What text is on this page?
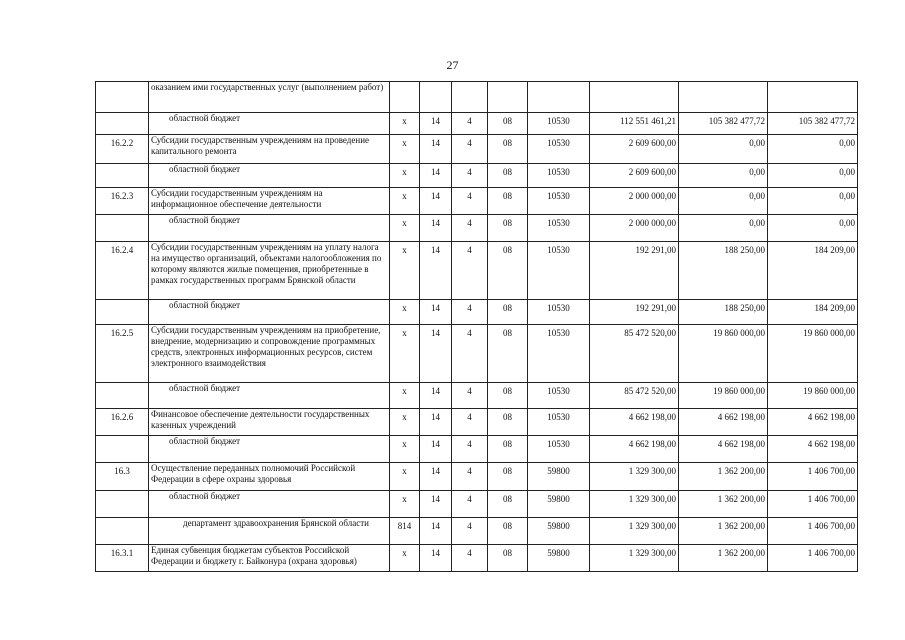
27
	оказанием ими государственных услуг (выполнением работ)								
	областной бюджет	х	14	4	08	10530	112 551 461,21	105 382 477,72	105 382 477,72
16.2.2	Субсидии государственным учреждениям на проведение капитального ремонта	х	14	4	08	10530	2 609 600,00	0,00	0,00
	областной бюджет	х	14	4	08	10530	2 609 600,00	0,00	0,00
16.2.3	Субсидии государственным учреждениям на информационное обеспечение деятельности	х	14	4	08	10530	2 000 000,00	0,00	0,00
	областной бюджет	х	14	4	08	10530	2 000 000,00	0,00	0,00
16.2.4	Субсидии государственным учреждениям на уплату налога на имущество организаций, объектами налогообложения по которому являются жилые помещения, приобретенные в рамках государственных программ Брянской области	х	14	4	08	10530	192 291,00	188 250,00	184 209,00
	областной бюджет	х	14	4	08	10530	192 291,00	188 250,00	184 209,00
16.2.5	Субсидии государственным учреждениям на приобретение, внедрение, модернизацию и сопровождение программных средств, электронных информационных ресурсов, систем электронного взаимодействия	х	14	4	08	10530	85 472 520,00	19 860 000,00	19 860 000,00
	областной бюджет	х	14	4	08	10530	85 472 520,00	19 860 000,00	19 860 000,00
16.2.6	Финансовое обеспечение деятельности государственных казенных учреждений	х	14	4	08	10530	4 662 198,00	4 662 198,00	4 662 198,00
	областной бюджет	х	14	4	08	10530	4 662 198,00	4 662 198,00	4 662 198,00
16.3	Осуществление переданных полномочий Российской Федерации в сфере охраны здоровья	х	14	4	08	59800	1 329 300,00	1 362 200,00	1 406 700,00
	областной бюджет	х	14	4	08	59800	1 329 300,00	1 362 200,00	1 406 700,00
	департамент здравоохранения Брянской области	814	14	4	08	59800	1 329 300,00	1 362 200,00	1 406 700,00
16.3.1	Единая субвенция бюджетам субъектов Российской Федерации и бюджету г. Байконура (охрана здоровья)	х	14	4	08	59800	1 329 300,00	1 362 200,00	1 406 700,00
